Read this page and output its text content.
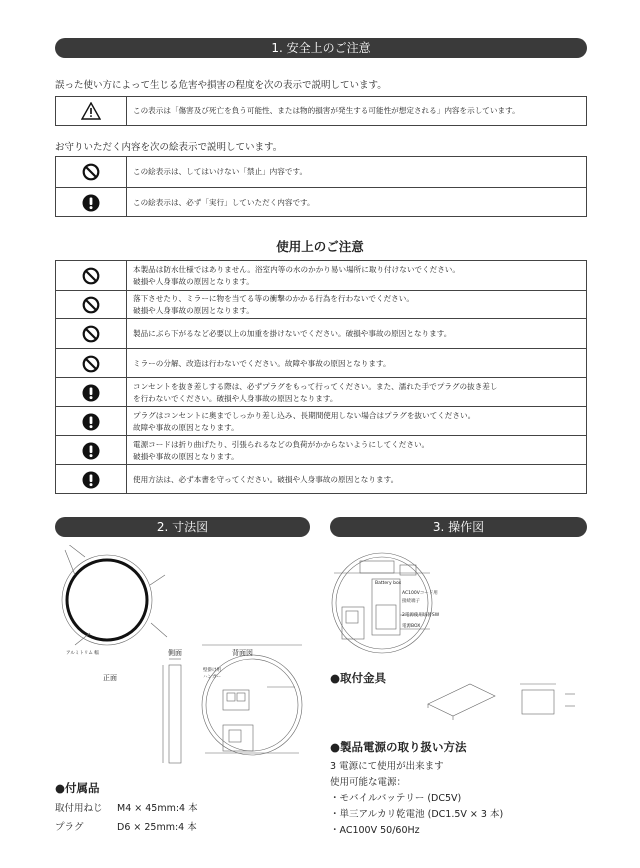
1. 安全上のご注意
誤った使い方によって生じる危害や損害の程度を次の表示で説明しています。
この表示は「傷害及び死亡を負う可能性、または物的損害が発生する可能性が想定される」内容を示しています。
お守りいただく内容を次の絵表示で説明しています。
この絵表示は、してはいけない「禁止」内容です。
この絵表示は、必ず「実行」していただく内容です。
使用上のご注意
本製品は防水仕様ではありません。浴室内等の水のかかり易い場所に取り付けないでください。
破損や人身事故の原因となります。
落下させたり、ミラーに物を当てる等の衝撃のかかる行為を行わないでください。
破損や人身事故の原因となります。
製品にぶら下がるなど必要以上の加重を掛けないでください。破損や事故の原因となります。
ミラーの分解、改造は行わないでください。故障や事故の原因となります。
コンセントを抜き差しする際は、必ずプラグをもって行ってください。また、濡れた手でプラグの抜き差し
を行わないでください。破損や人身事故の原因となります。
プラグはコンセントに奥までしっかり差し込み、長期間使用しない場合はプラグを抜いてください。
故障や事故の原因となります。
電源コードは折り曲げたり、引張られるなどの負荷がかからないようにしてください。
破損や事故の原因となります。
使用方法は、必ず本書を守ってください。破損や人身事故の原因となります。
2. 寸法図
側面	背面図
正面
アルミトリム 幅
壁掛け用
ハンガー
●付属品
取付用ねじ M4 × 45mm:4 本
プラグ	D6 × 25mm:4 本
3. 操作図
AC100Vコード用
接続端子
Battery box
2電源使用切替SW
電源BOX
●取付金具
●製品電源の取り扱い方法
3 電源にて使用が出来ます
使用可能な電源：
・モバイルバッテリー (DC5V)
・単三アルカリ乾電池 (DC1.5V × 3 本)
・AC100V 50/60Hz
